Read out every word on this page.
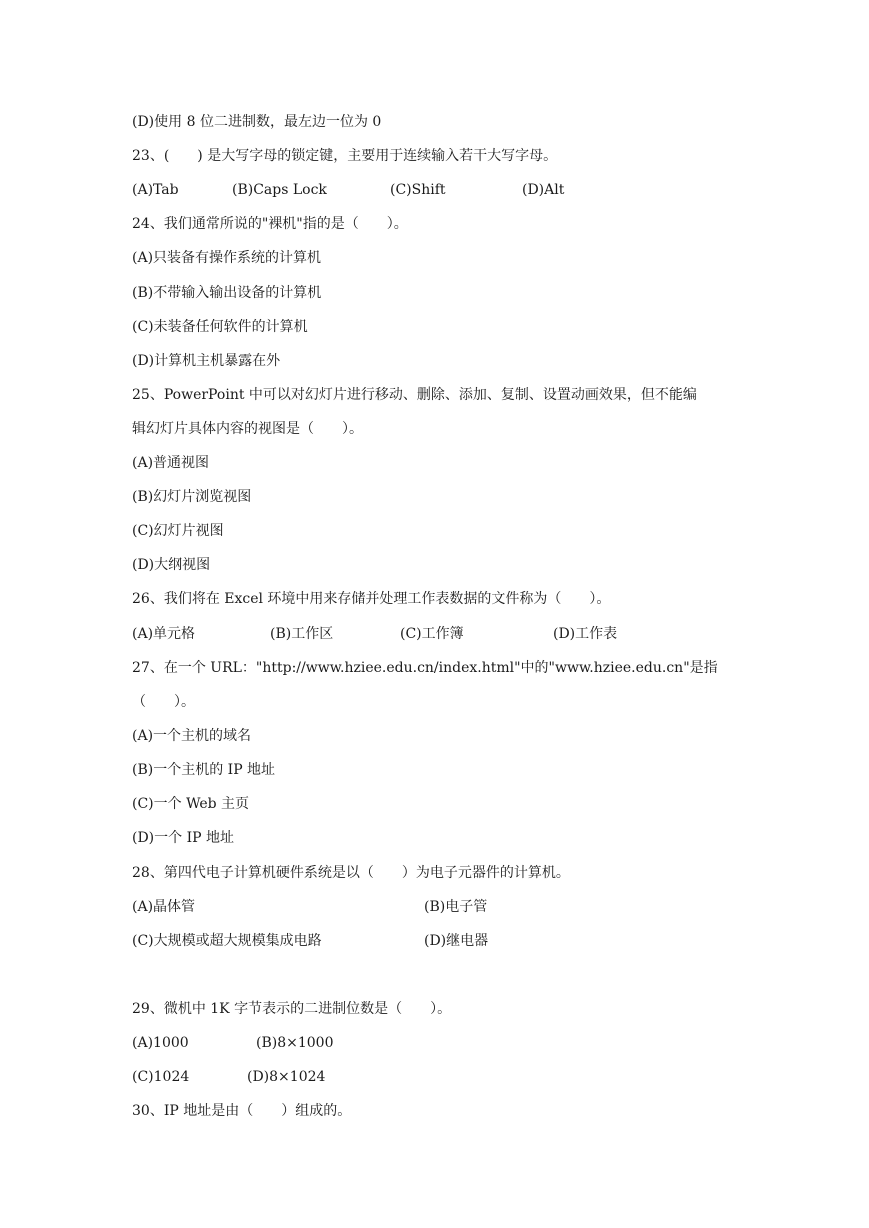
(D)使用 8 位二进制数，最左边一位为 0
23、(　　) 是大写字母的锁定键，主要用于连续输入若干大写字母。
(A)Tab	(B)Caps Lock	(C)Shift	(D)Alt
24、我们通常所说的"裸机"指的是（　　）。
(A)只装备有操作系统的计算机
(B)不带输入输出设备的计算机
(C)未装备任何软件的计算机
(D)计算机主机暴露在外
25、PowerPoint 中可以对幻灯片进行移动、删除、添加、复制、设置动画效果，但不能编
辑幻灯片具体内容的视图是（　　）。
(A)普通视图
(B)幻灯片浏览视图
(C)幻灯片视图
(D)大纲视图
26、我们将在 Excel 环境中用来存储并处理工作表数据的文件称为（　　）。
(A)单元格	(B)工作区	(C)工作簿	(D)工作表
27、在一个 URL："http://www.hziee.edu.cn/index.html"中的"www.hziee.edu.cn"是指
（　　）。
(A)一个主机的域名
(B)一个主机的 IP 地址
(C)一个 Web 主页
(D)一个 IP 地址
28、第四代电子计算机硬件系统是以（　　）为电子元器件的计算机。
(A)晶体管	(B)电子管
(C)大规模或超大规模集成电路	(D)继电器
29、微机中 1K 字节表示的二进制位数是（　　）。
(A)1000	(B)8×1000
(C)1024	(D)8×1024
30、IP 地址是由（　　）组成的。
